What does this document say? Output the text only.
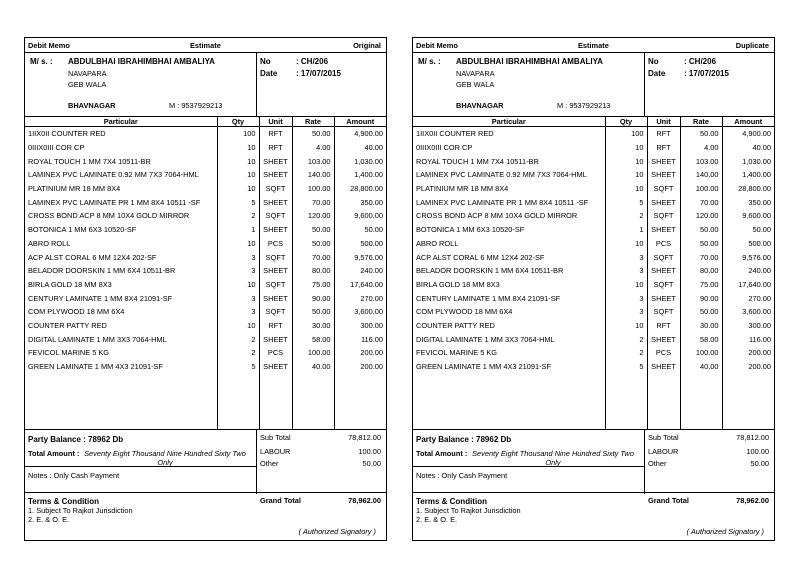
Debit Memo	Estimate	Original
M/ s. : ABDULBHAI IBRAHIMBHAI AMBALIYA
NAVAPARA
GEB WALA
BHAVNAGAR	M : 9537929213
No	: CH/206
Date : 17/07/2015
Particular	Qty	Unit	Rate	Amount
1IIX0II COUNTER RED	100	RFT	50.00	4,900.00
0IIIX0III COR CP	10	RFT	4.00	40.00
ROYAL TOUCH 1 MM 7X4 10511-BR	10	SHEET	103.00	1,030.00
LAMINEX PVC LAMINATE 0.92 MM 7X3 7064-HML	10	SHEET	140.00	1,400.00
PLATINIUM MR 18 MM 8X4	10	SQFT	100.00	28,800.00
LAMINEX PVC LAMINATE PR 1 MM 8X4 10511 -SF	5	SHEET	70.00	350.00
CROSS BOND ACP 8 MM 10X4 GOLD MIRROR	2	SQFT	120.00	9,600.00
BOTONICA 1 MM 6X3 10520-SF	1	SHEET	50.00	50.00
ABRO ROLL	10	PCS	50.00	500.00
ACP ALST CORAL 6 MM 12X4 202-SF	3	SQFT	70.00	9,576.00
BELADOR DOORSKIN 1 MM 6X4 10511-BR	3	SHEET	80.00	240.00
BIRLA GOLD 18 MM 8X3	10	SQFT	75.00	17,640.00
CENTURY LAMINATE 1 MM 8X4 21091-SF	3	SHEET	90.00	270.00
COM PLYWOOD 18 MM 6X4	3	SQFT	50.00	3,600.00
COUNTER PATTY RED	10	RFT	30.00	300.00
DIGITAL LAMINATE 1 MM 3X3 7064-HML	2	SHEET	58.00	116.00
FEVICOL MARINE 5 KG	2	PCS	100.00	200.00
GREEN LAMINATE 1 MM 4X3 21091-SF	5	SHEET	40.00	200.00

Party Balance : 78962 Db
Total Amount : Seventy Eight Thousand Nine Hundred Sixty Two Only
Notes : Only Cash Payment
Sub Total	78,812.00
LABOUR	100.00
Other	50.00
Grand Total	78,962.00
Terms & Condition
1. Subject To Rajkot Jurisdiction
2. E. & O. E.
( Authorized Signatory )
Debit Memo	Estimate	Duplicate
M/ s. : ABDULBHAI IBRAHIMBHAI AMBALIYA
NAVAPARA
GEB WALA
BHAVNAGAR	M : 9537929213
No	: CH/206
Date : 17/07/2015
Particular	Qty	Unit	Rate	Amount
1IIX0II COUNTER RED	100	RFT	50.00	4,900.00
0IIIX0III COR CP	10	RFT	4.00	40.00
ROYAL TOUCH 1 MM 7X4 10511-BR	10	SHEET	103.00	1,030.00
LAMINEX PVC LAMINATE 0.92 MM 7X3 7064-HML	10	SHEET	140.00	1,400.00
PLATINIUM MR 18 MM 8X4	10	SQFT	100.00	28,800.00
LAMINEX PVC LAMINATE PR 1 MM 8X4 10511 -SF	5	SHEET	70.00	350.00
CROSS BOND ACP 8 MM 10X4 GOLD MIRROR	2	SQFT	120.00	9,600.00
BOTONICA 1 MM 6X3 10520-SF	1	SHEET	50.00	50.00
ABRO ROLL	10	PCS	50.00	500.00
ACP ALST CORAL 6 MM 12X4 202-SF	3	SQFT	70.00	9,576.00
BELADOR DOORSKIN 1 MM 6X4 10511-BR	3	SHEET	80.00	240.00
BIRLA GOLD 18 MM 8X3	10	SQFT	75.00	17,640.00
CENTURY LAMINATE 1 MM 8X4 21091-SF	3	SHEET	90.00	270.00
COM PLYWOOD 18 MM 6X4	3	SQFT	50.00	3,600.00
COUNTER PATTY RED	10	RFT	30.00	300.00
DIGITAL LAMINATE 1 MM 3X3 7064-HML	2	SHEET	58.00	116.00
FEVICOL MARINE 5 KG	2	PCS	100.00	200.00
GREEN LAMINATE 1 MM 4X3 21091-SF	5	SHEET	40.00	200.00

Party Balance : 78962 Db
Total Amount : Seventy Eight Thousand Nine Hundred Sixty Two Only
Notes : Only Cash Payment
Sub Total	78,812.00
LABOUR	100.00
Other	50.00
Grand Total	78,962.00
Terms & Condition
1. Subject To Rajkot Jurisdiction
2. E. & O. E.
( Authorized Signatory )
